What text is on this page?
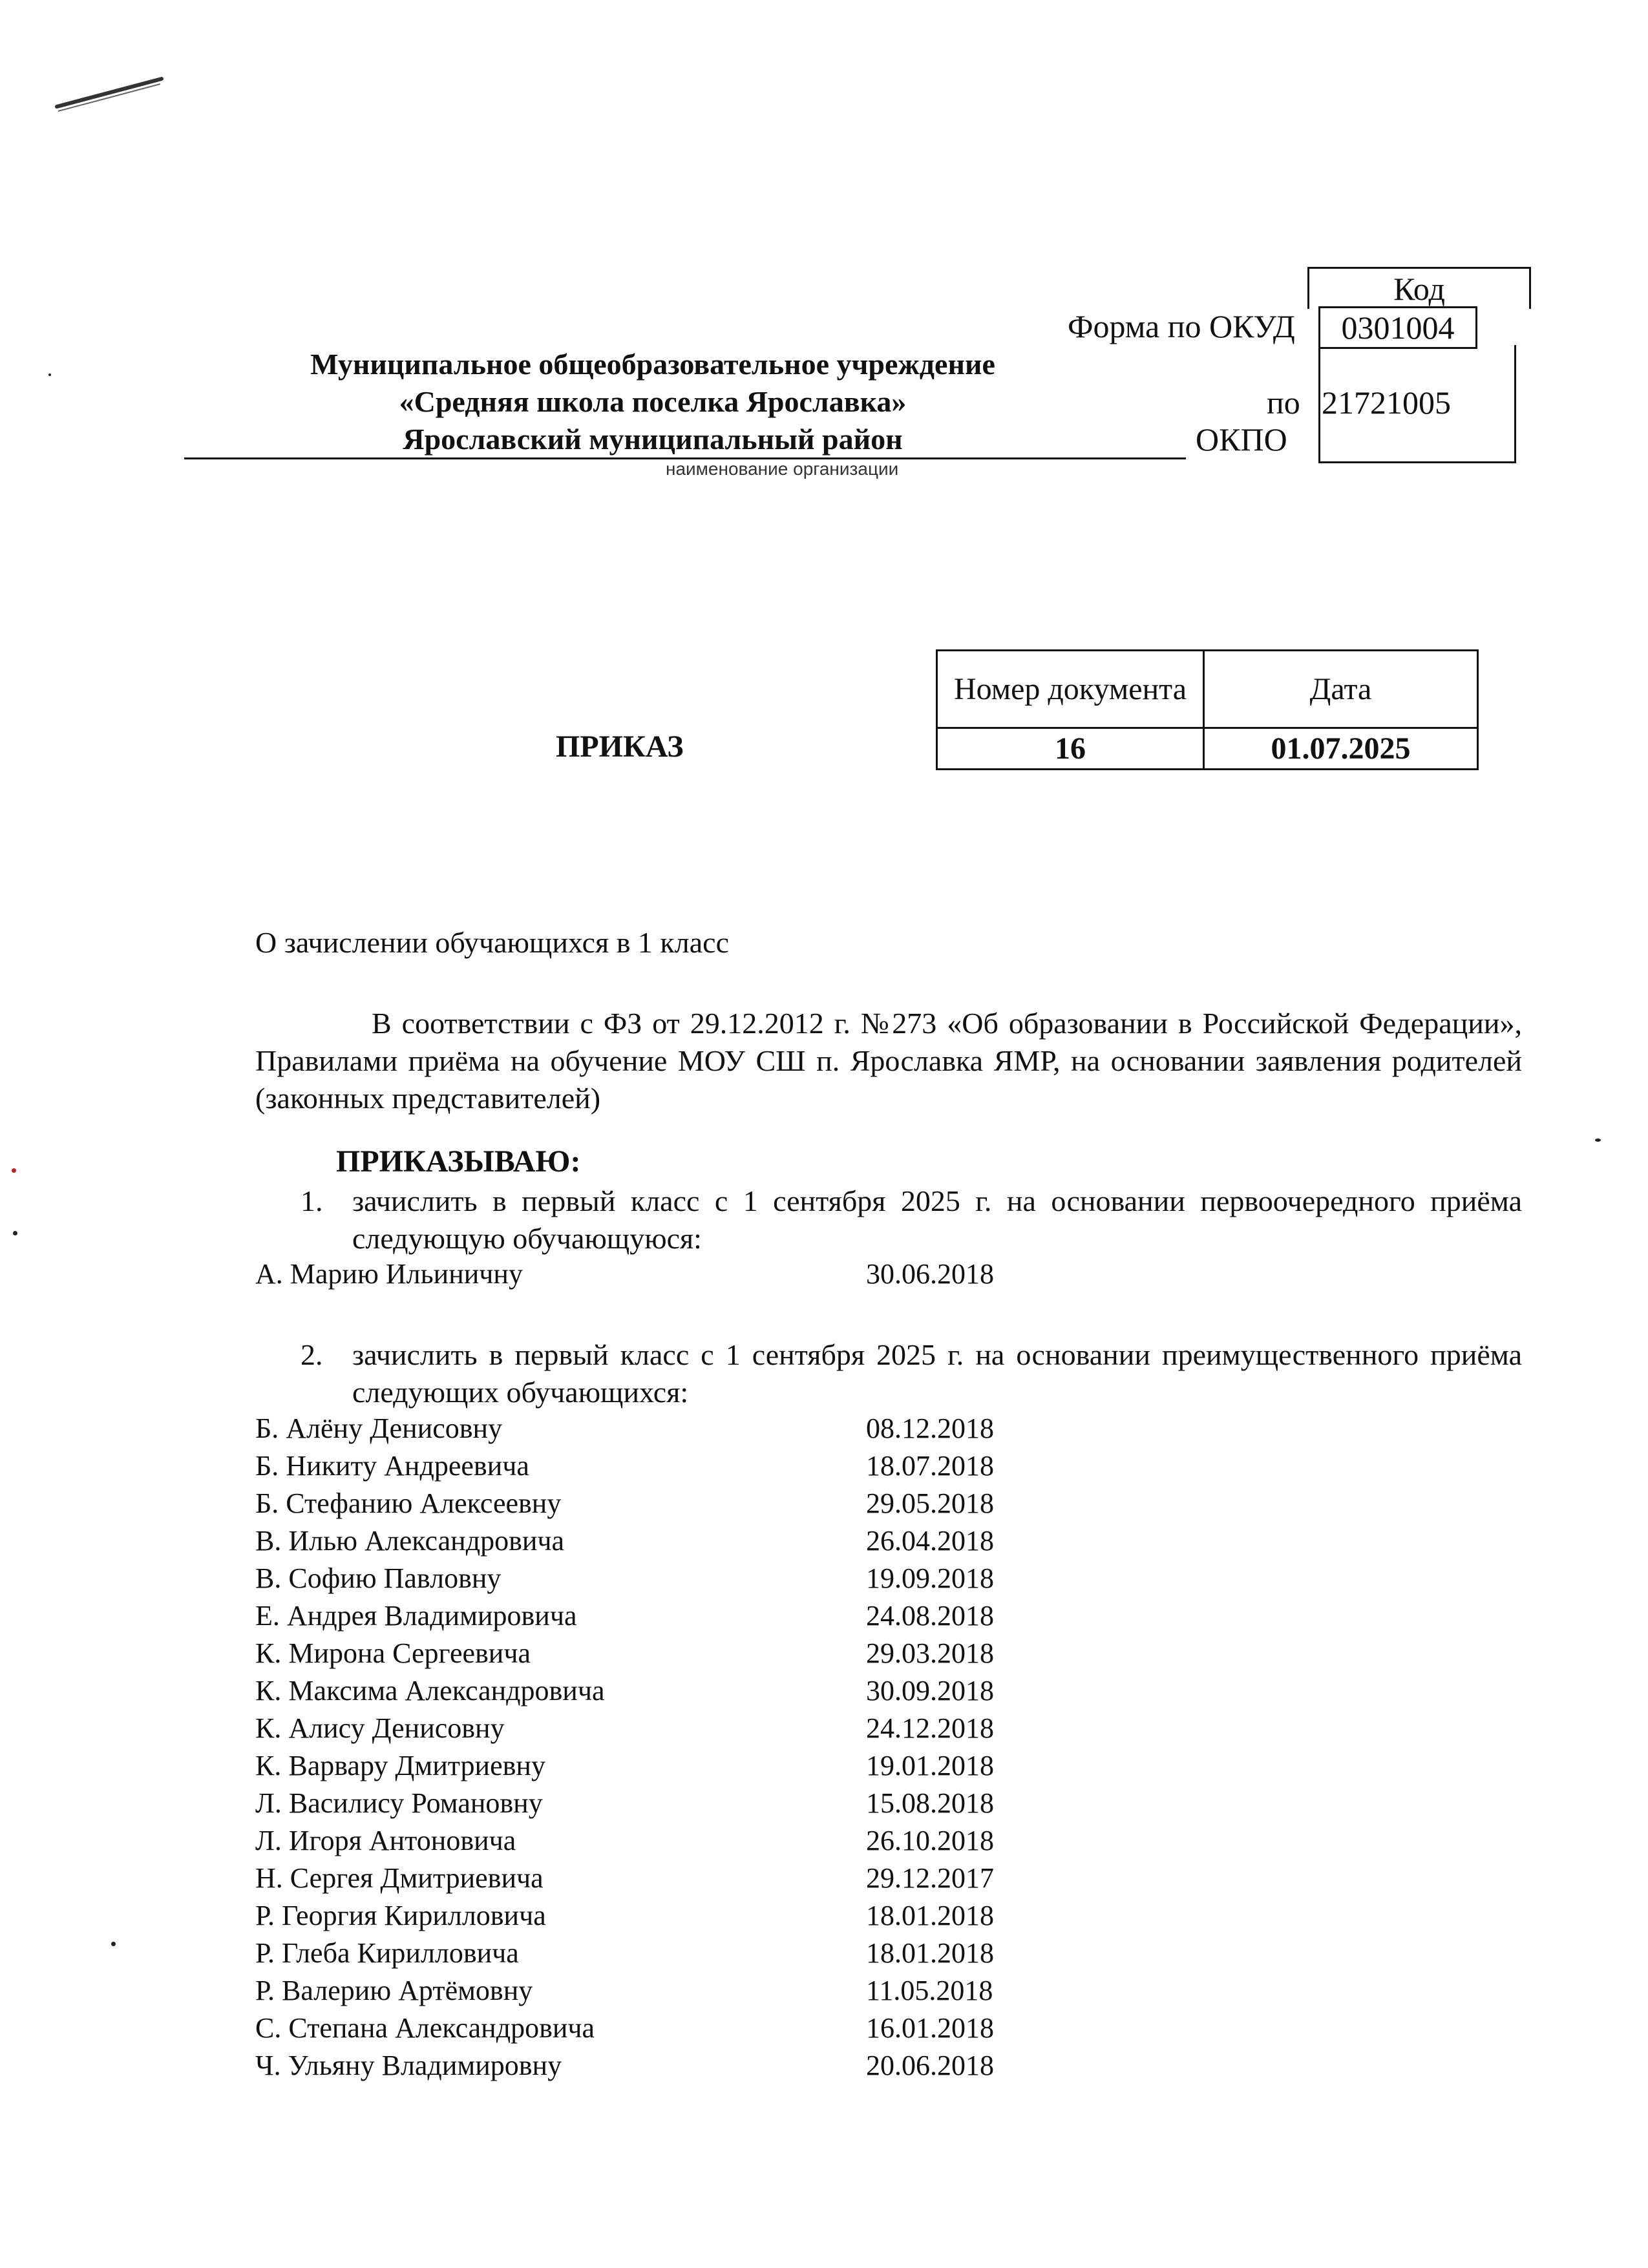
Код
Форма по ОКУД	0301004
21721005
по
ОКПО
Муниципальное общеобразовательное учреждение
«Средняя школа поселка Ярославка»
Ярославский муниципальный район
наименование организации
ПРИКАЗ
Номер документа	Дата
16	01.07.2025
О зачислении обучающихся в 1 класс
В соответствии с ФЗ от 29.12.2012 г. №273 «Об образовании в Российской Федерации», Правилами приёма на обучение МОУ СШ п. Ярославка ЯМР, на основании заявления родителей (законных представителей)
ПРИКАЗЫВАЮ:
1. зачислить в первый класс с 1 сентября 2025 г. на основании первоочередного приёма следующую обучающуюся:
А. Марию Ильиничну	30.06.2018
2. зачислить в первый класс с 1 сентября 2025 г. на основании преимущественного приёма следующих обучающихся:
Б. Алёну Денисовну	08.12.2018
Б. Никиту Андреевича	18.07.2018
Б. Стефанию Алексеевну	29.05.2018
В. Илью Александровича	26.04.2018
В. Софию Павловну	19.09.2018
Е. Андрея Владимировича	24.08.2018
К. Мирона Сергеевича	29.03.2018
К. Максима Александровича	30.09.2018
К. Алису Денисовну	24.12.2018
К. Варвару Дмитриевну	19.01.2018
Л. Василису Романовну	15.08.2018
Л. Игоря Антоновича	26.10.2018
Н. Сергея Дмитриевича	29.12.2017
Р. Георгия Кирилловича	18.01.2018
Р. Глеба Кирилловича	18.01.2018
Р. Валерию Артёмовну	11.05.2018
С. Степана Александровича	16.01.2018
Ч. Ульяну Владимировну	20.06.2018
